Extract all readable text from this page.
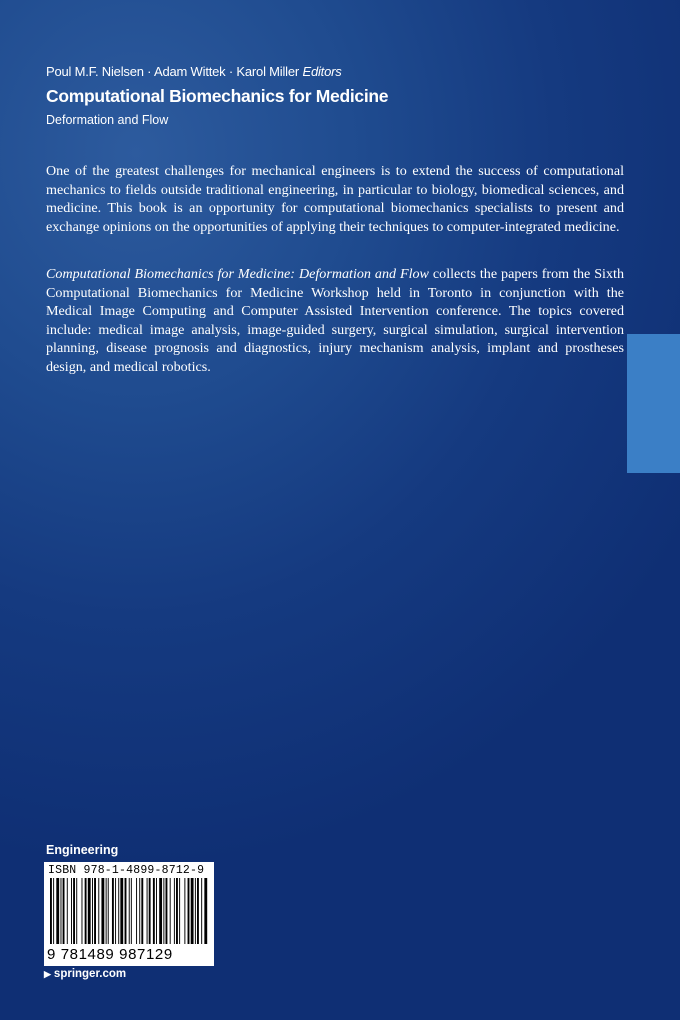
Poul M.F. Nielsen · Adam Wittek · Karol Miller Editors
Computational Biomechanics for Medicine
Deformation and Flow

One of the greatest challenges for mechanical engineers is to extend the success of computational mechanics to fields outside traditional engineering, in particular to biology, biomedical sciences, and medicine. This book is an opportunity for computational biomechanics specialists to present and exchange opinions on the opportunities of applying their techniques to computer-integrated medicine.

Computational Biomechanics for Medicine: Deformation and Flow collects the papers from the Sixth Computational Biomechanics for Medicine Workshop held in Toronto in conjunction with the Medical Image Computing and Computer Assisted Intervention conference. The topics covered include: medical image analysis, image-guided surgery, surgical simulation, surgical intervention planning, disease prognosis and diagnostics, injury mechanism analysis, implant and prostheses design, and medical robotics.

Engineering
ISBN 978-1-4899-8712-9
9 781489 987129
▶ springer.com
